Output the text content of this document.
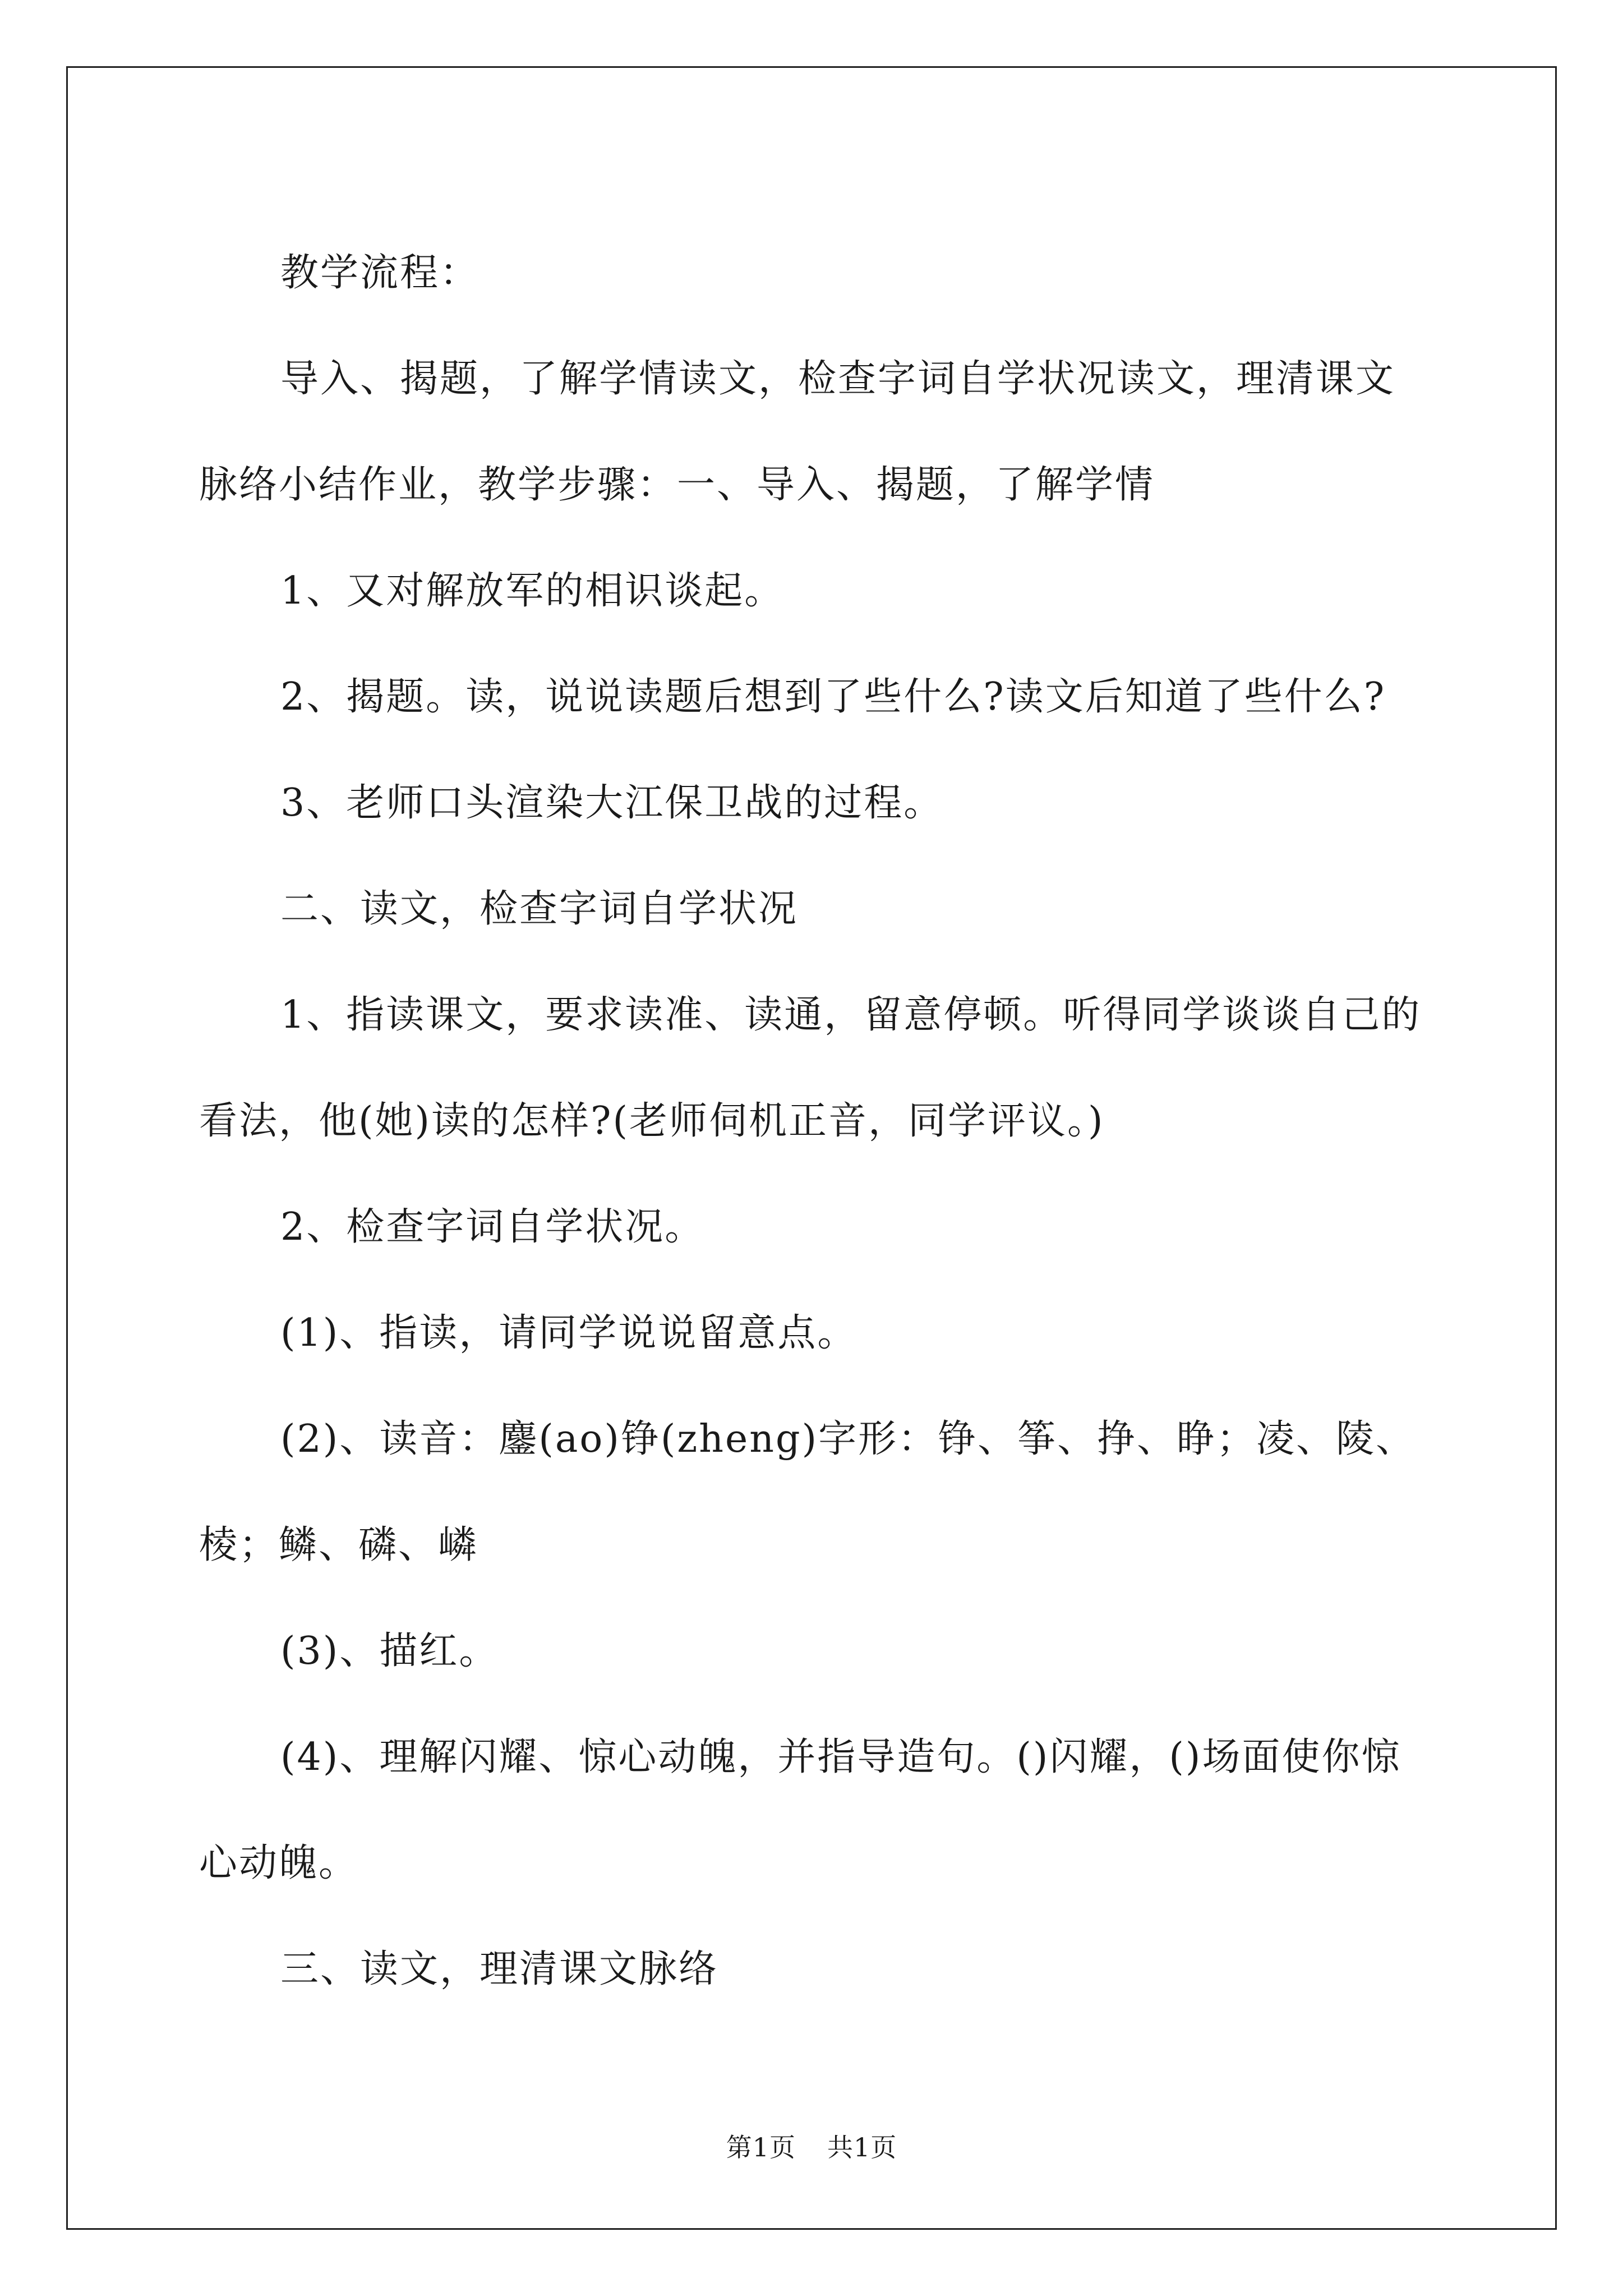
教学流程：

导入、揭题，了解学情读文，检查字词自学状况读文，理清课文

脉络小结作业，教学步骤：一、导入、揭题，了解学情

1、又对解放军的相识谈起。

2、揭题。读，说说读题后想到了些什么?读文后知道了些什么?

3、老师口头渲染大江保卫战的过程。

二、读文，检查字词自学状况

1、指读课文，要求读准、读通，留意停顿。听得同学谈谈自己的

看法，他(她)读的怎样?(老师伺机正音，同学评议。)

2、检查字词自学状况。

(1)、指读，请同学说说留意点。

(2)、读音：鏖(ao)铮(zheng)字形：铮、筝、挣、睁；凌、陵、

棱；鳞、磷、嶙

(3)、描红。

(4)、理解闪耀、惊心动魄，并指导造句。()闪耀，()场面使你惊

心动魄。

三、读文，理清课文脉络

第1页 共1页
